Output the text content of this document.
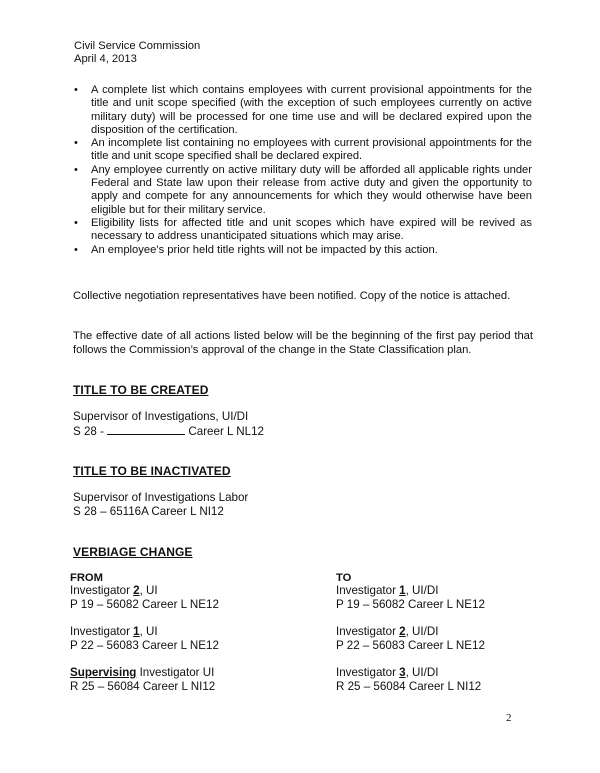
Civil Service Commission
April 4, 2013
• A complete list which contains employees with current provisional appointments for the title and unit scope specified (with the exception of such employees currently on active military duty) will be processed for one time use and will be declared expired upon the disposition of the certification.
• An incomplete list containing no employees with current provisional appointments for the title and unit scope specified shall be declared expired.
• Any employee currently on active military duty will be afforded all applicable rights under Federal and State law upon their release from active duty and given the opportunity to apply and compete for any announcements for which they would otherwise have been eligible but for their military service.
• Eligibility lists for affected title and unit scopes which have expired will be revived as necessary to address unanticipated situations which may arise.
• An employee’s prior held title rights will not be impacted by this action.
Collective negotiation representatives have been notified. Copy of the notice is attached.
The effective date of all actions listed below will be the beginning of the first pay period that follows the Commission’s approval of the change in the State Classification plan.
TITLE TO BE CREATED
Supervisor of Investigations, UI/DI
S 28 -	Career L NL12
TITLE TO BE INACTIVATED
Supervisor of Investigations Labor
S 28 – 65116A Career L NI12
VERBIAGE CHANGE
FROM	TO
Investigator 2, UI
P 19 – 56082 Career L NE12
Investigator 1, UI
P 22 – 56083 Career L NE12
Supervising Investigator UI
R 25 – 56084 Career L NI12
Investigator 1, UI/DI
P 19 – 56082 Career L NE12
Investigator 2, UI/DI
P 22 – 56083 Career L NE12
Investigator 3, UI/DI
R 25 – 56084 Career L NI12
2
